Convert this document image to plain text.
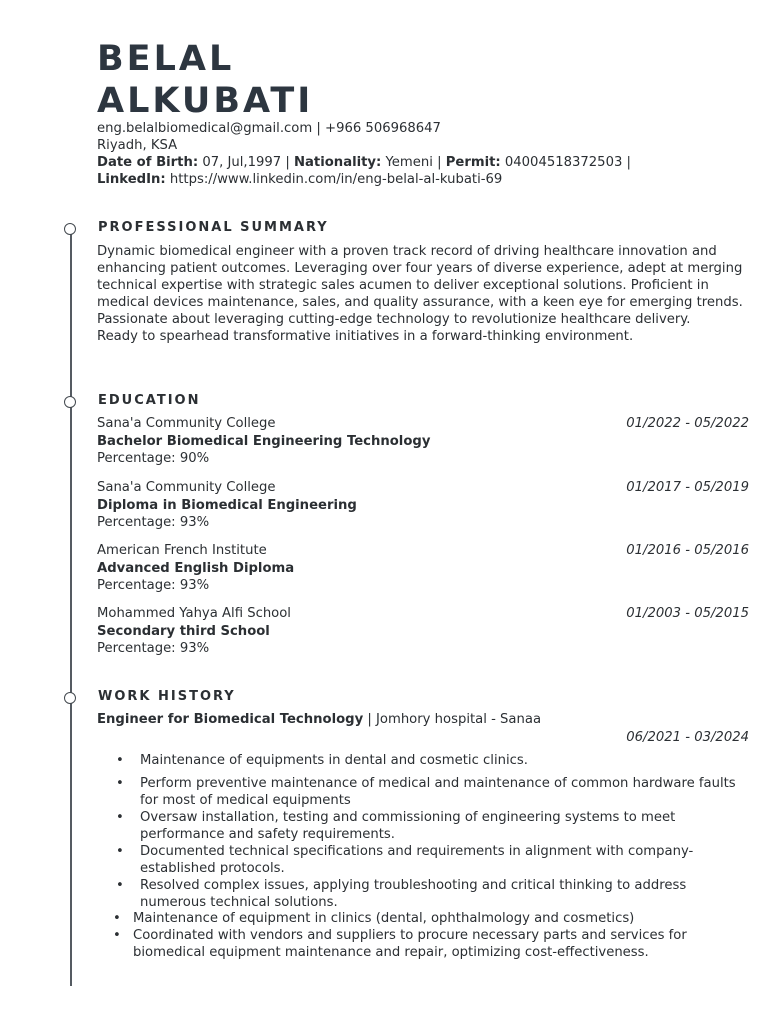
BELAL
ALKUBATI
eng.belalbiomedical@gmail.com | +966 506968647
Riyadh, KSA
Date of Birth: 07, Jul,1997 | Nationality: Yemeni | Permit: 04004518372503 |
LinkedIn: https://www.linkedin.com/in/eng-belal-al-kubati-69
PROFESSIONAL SUMMARY

Dynamic biomedical engineer with a proven track record of driving healthcare innovation and enhancing patient outcomes. Leveraging over four years of diverse experience, adept at merging technical expertise with strategic sales acumen to deliver exceptional solutions. Proficient in medical devices maintenance, sales, and quality assurance, with a keen eye for emerging trends. Passionate about leveraging cutting-edge technology to revolutionize healthcare delivery.
Ready to spearhead transformative initiatives in a forward-thinking environment.

EDUCATION
Sana'a Community College	01/2022 - 05/2022
Bachelor Biomedical Engineering Technology
Percentage: 90%
Sana'a Community College	01/2017 - 05/2019
Diploma in Biomedical Engineering
Percentage: 93%
American French Institute	01/2016 - 05/2016
Advanced English Diploma
Percentage: 93%
Mohammed Yahya Alfi School	01/2003 - 05/2015
Secondary third School
Percentage: 93%
WORK HISTORY
Engineer for Biomedical Technology | Jomhory hospital - Sanaa
06/2021 - 03/2024
• Maintenance of equipments in dental and cosmetic clinics.
• Perform preventive maintenance of medical and maintenance of common hardware faults for most of medical equipments
• Oversaw installation, testing and commissioning of engineering systems to meet performance and safety requirements.
• Documented technical specifications and requirements in alignment with company-established protocols.
• Resolved complex issues, applying troubleshooting and critical thinking to address numerous technical solutions.
• Maintenance of equipment in clinics (dental, ophthalmology and cosmetics)
• Coordinated with vendors and suppliers to procure necessary parts and services for biomedical equipment maintenance and repair, optimizing cost-effectiveness.
